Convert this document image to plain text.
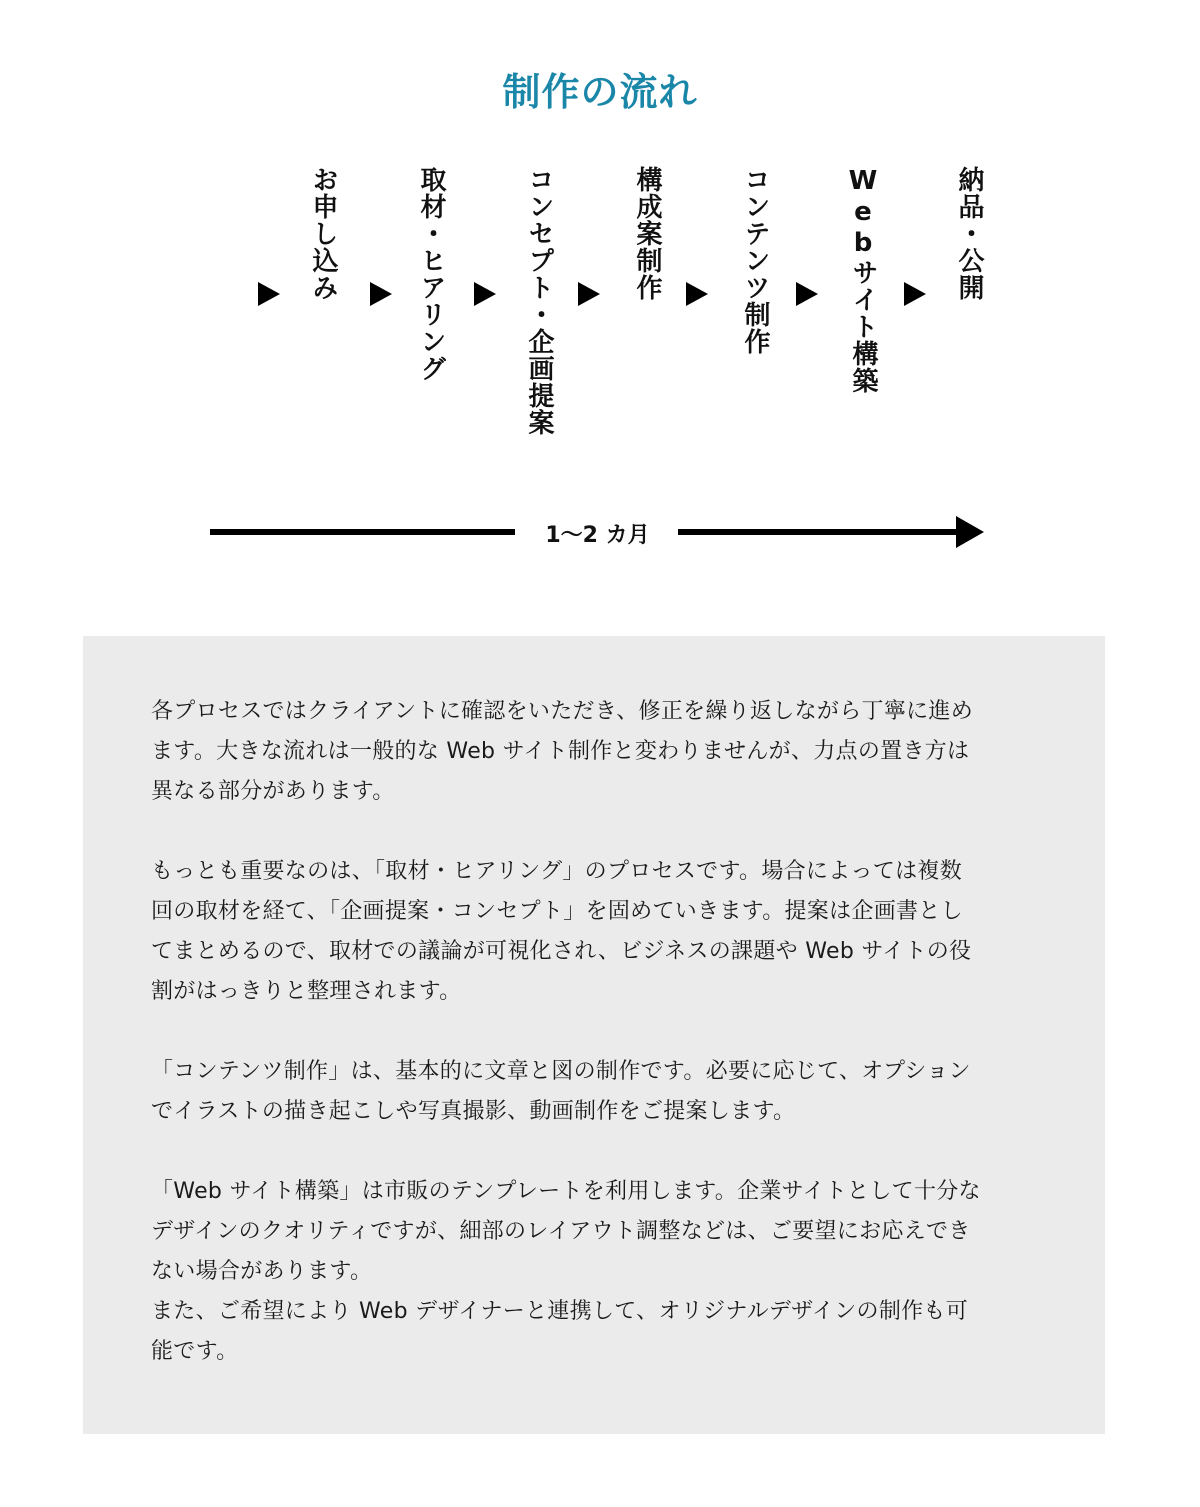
制作の流れ
お申し込み	取材・ヒアリング	コンセプト・企画提案	構成案制作	コンテンツ制作	Webサイト構築	納品・公開
1〜2 カ月

各プロセスではクライアントに確認をいただき、修正を繰り返しながら丁寧に進め
ます。大きな流れは一般的な Web サイト制作と変わりませんが、力点の置き方は
異なる部分があります。

もっとも重要なのは、「取材・ヒアリング」のプロセスです。場合によっては複数
回の取材を経て、「企画提案・コンセプト」を固めていきます。提案は企画書とし
てまとめるので、取材での議論が可視化され、ビジネスの課題や Web サイトの役
割がはっきりと整理されます。

「コンテンツ制作」は、基本的に文章と図の制作です。必要に応じて、オプション
でイラストの描き起こしや写真撮影、動画制作をご提案します。

「Web サイト構築」は市販のテンプレートを利用します。企業サイトとして十分な
デザインのクオリティですが、細部のレイアウト調整などは、ご要望にお応えでき
ない場合があります。
また、ご希望により Web デザイナーと連携して、オリジナルデザインの制作も可
能です。
